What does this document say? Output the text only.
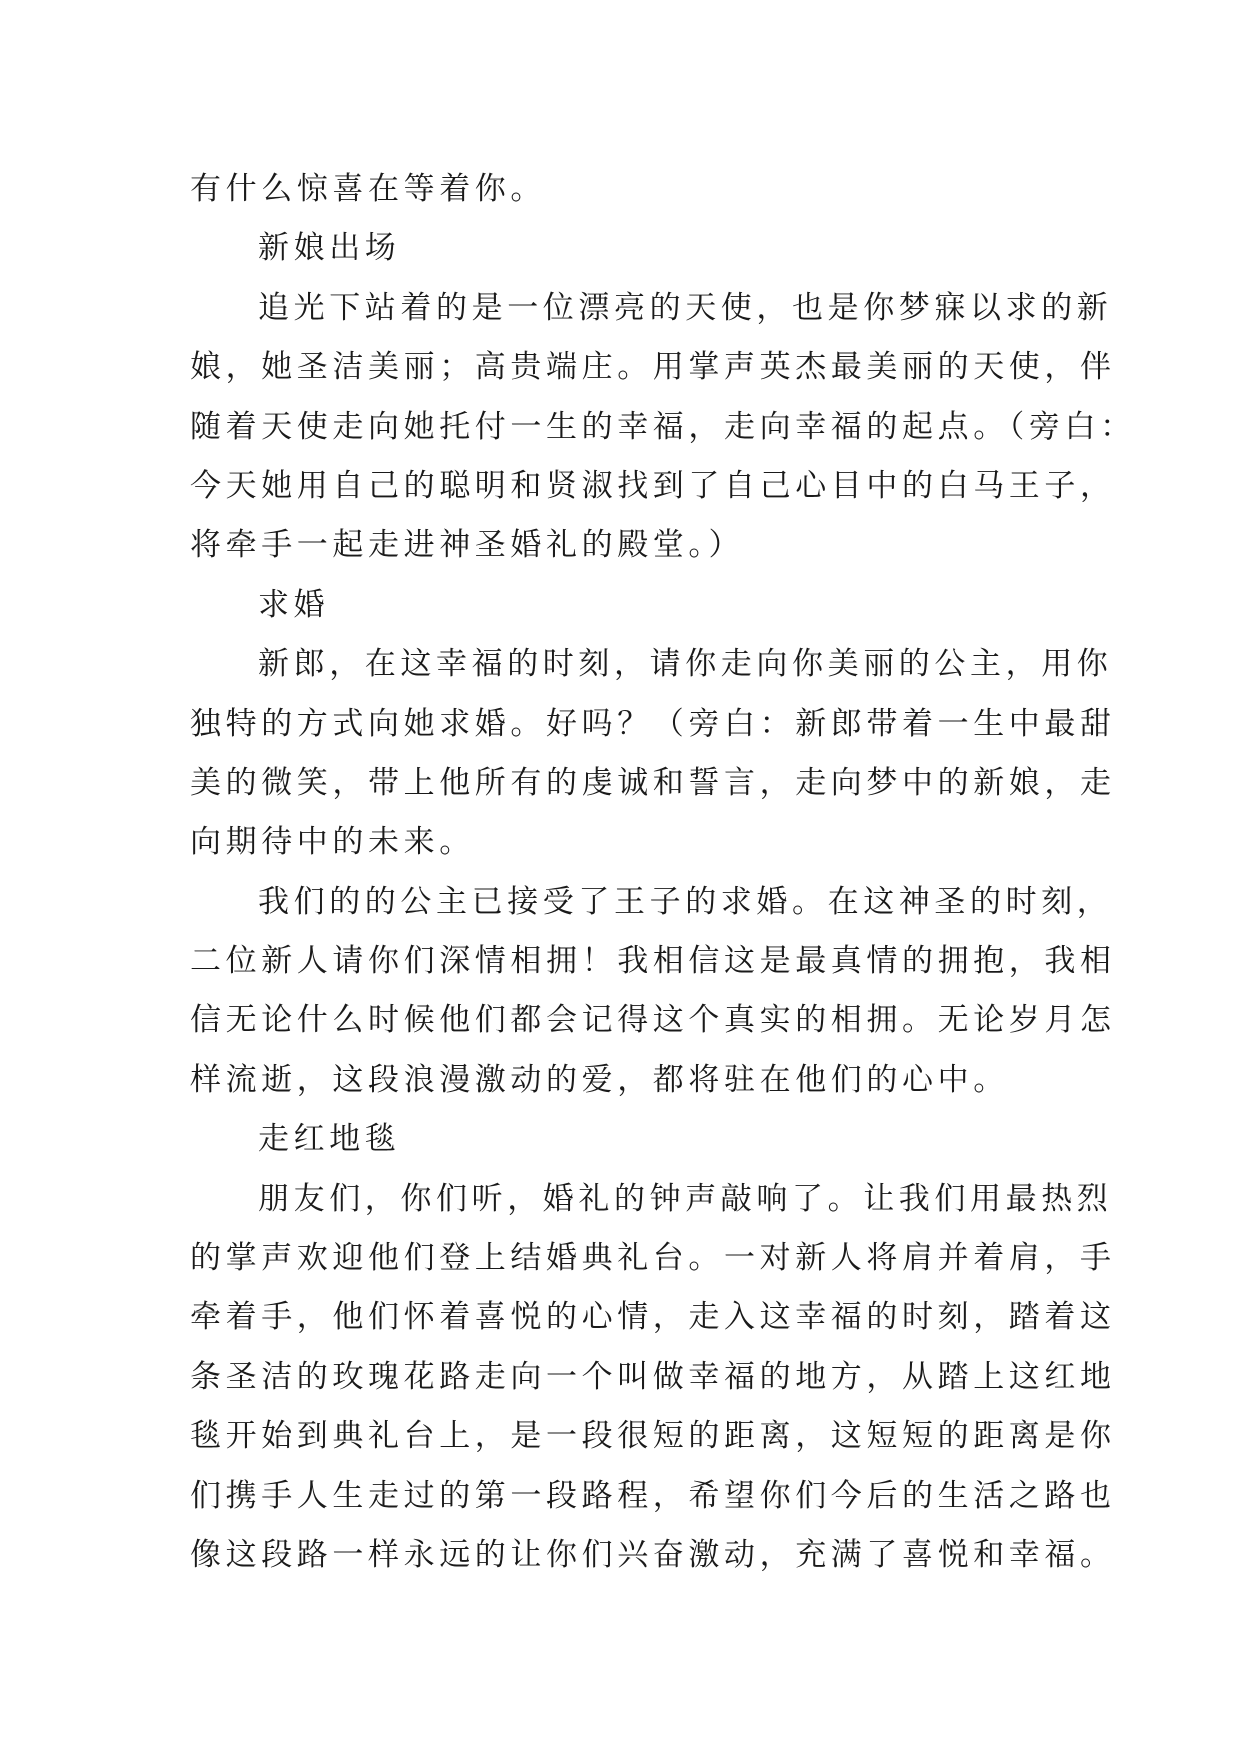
有什么惊喜在等着你。
新娘出场
追光下站着的是一位漂亮的天使，也是你梦寐以求的新
娘，她圣洁美丽；高贵端庄。用掌声英杰最美丽的天使，伴
随着天使走向她托付一生的幸福，走向幸福的起点。（旁白：
今天她用自己的聪明和贤淑找到了自己心目中的白马王子，
将牵手一起走进神圣婚礼的殿堂。）
求婚
新郎，在这幸福的时刻，请你走向你美丽的公主，用你
独特的方式向她求婚。好吗？（旁白：新郎带着一生中最甜
美的微笑，带上他所有的虔诚和誓言，走向梦中的新娘，走
向期待中的未来。
我们的的公主已接受了王子的求婚。在这神圣的时刻，
二位新人请你们深情相拥！我相信这是最真情的拥抱，我相
信无论什么时候他们都会记得这个真实的相拥。无论岁月怎
样流逝，这段浪漫激动的爱，都将驻在他们的心中。
走红地毯
朋友们，你们听，婚礼的钟声敲响了。让我们用最热烈
的掌声欢迎他们登上结婚典礼台。一对新人将肩并着肩，手
牵着手，他们怀着喜悦的心情，走入这幸福的时刻，踏着这
条圣洁的玫瑰花路走向一个叫做幸福的地方，从踏上这红地
毯开始到典礼台上，是一段很短的距离，这短短的距离是你
们携手人生走过的第一段路程，希望你们今后的生活之路也
像这段路一样永远的让你们兴奋激动，充满了喜悦和幸福。
